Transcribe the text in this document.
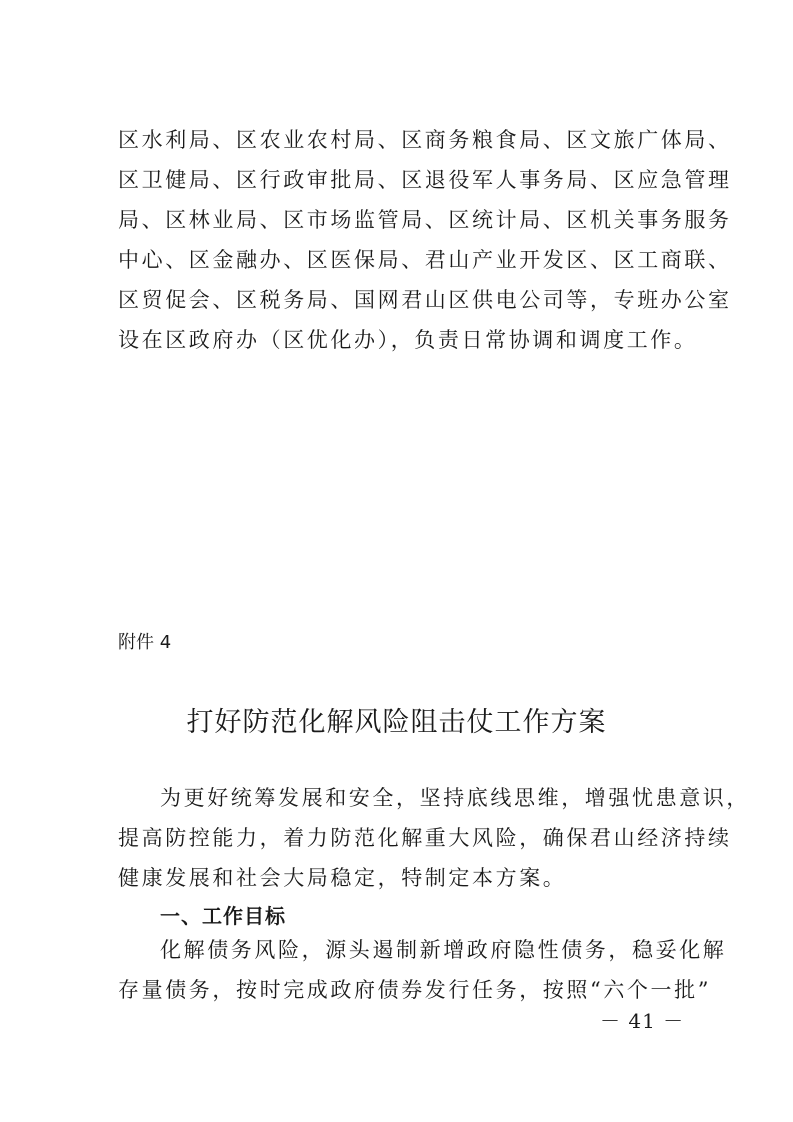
区水利局、区农业农村局、区商务粮食局、区文旅广体局、

区卫健局、区行政审批局、区退役军人事务局、区应急管理

局、区林业局、区市场监管局、区统计局、区机关事务服务

中心、区金融办、区医保局、君山产业开发区、区工商联、

区贸促会、区税务局、国网君山区供电公司等，专班办公室

设在区政府办（区优化办），负责日常协调和调度工作。

附件 4

打好防范化解风险阻击仗工作方案

为更好统筹发展和安全，坚持底线思维，增强忧患意识，

提高防控能力，着力防范化解重大风险，确保君山经济持续

健康发展和社会大局稳定，特制定本方案。

一、工作目标

化解债务风险，源头遏制新增政府隐性债务，稳妥化解

存量债务，按时完成政府债券发行任务，按照“六个一批”

－ 41 －
